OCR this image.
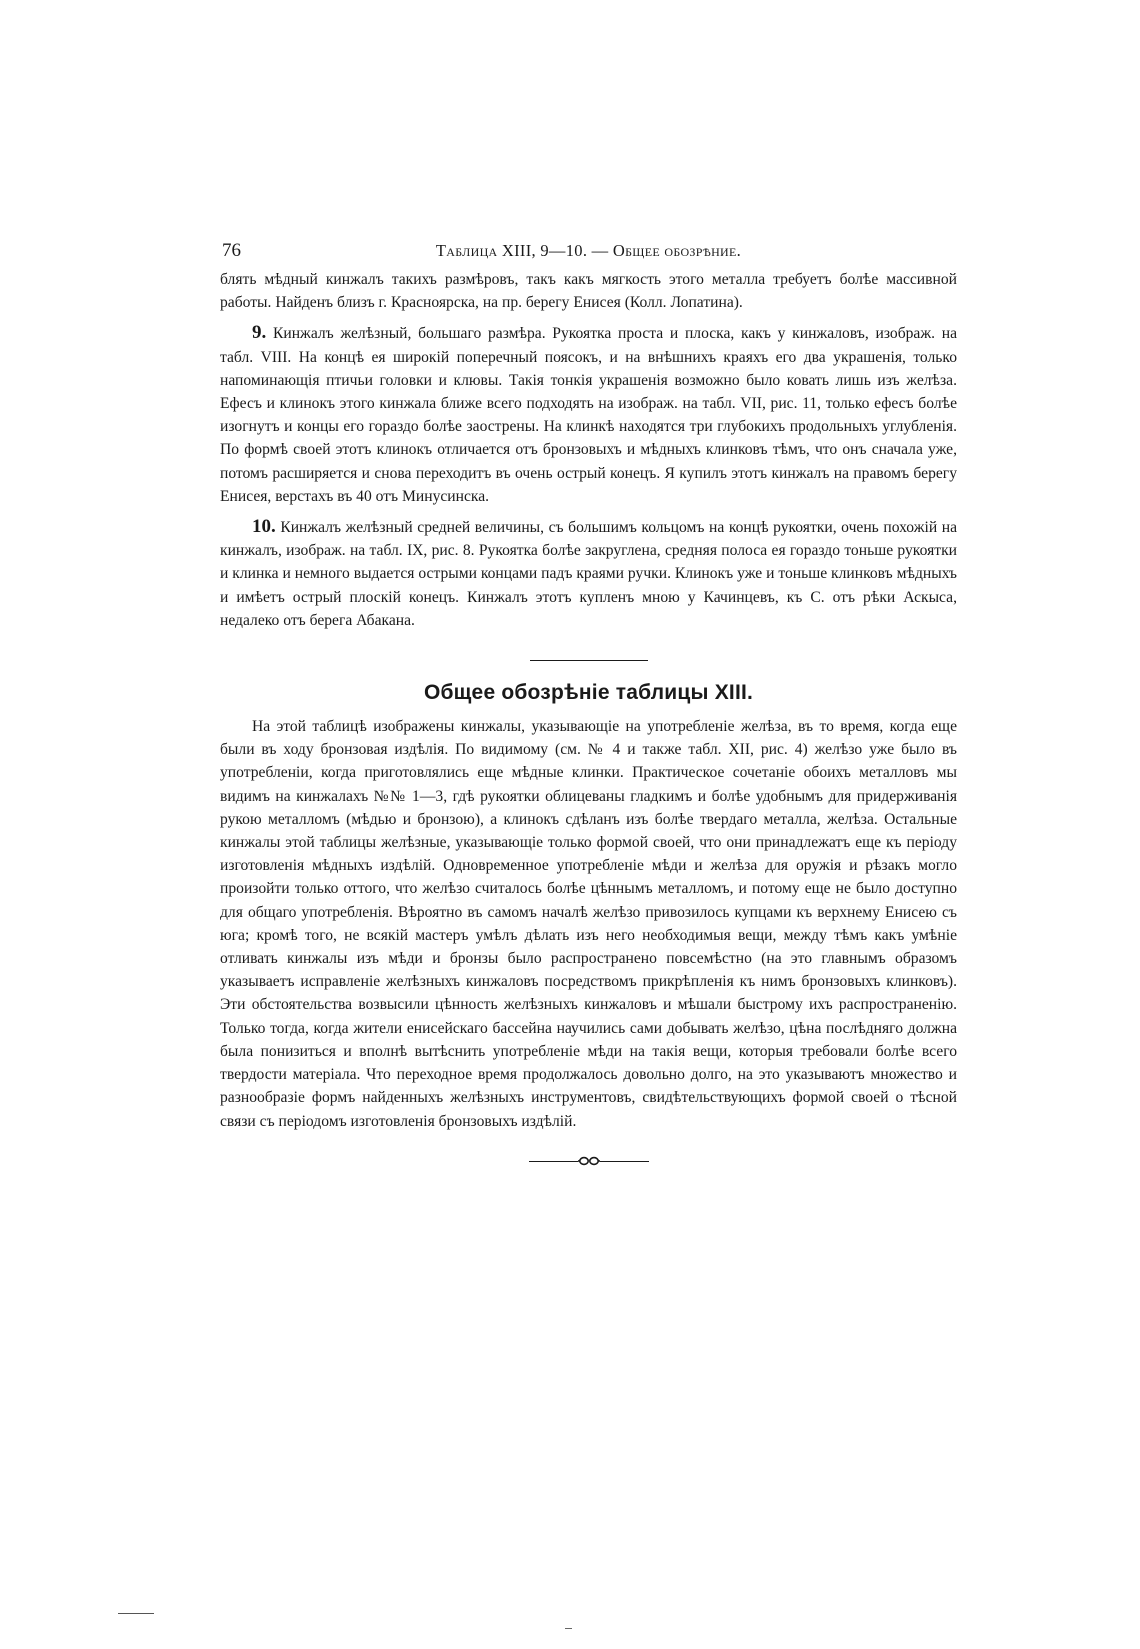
76	Таблица XIII, 9—10. — Общее обозрѣние.

блять мѣдный кинжалъ такихъ размѣровъ, такъ какъ мягкость этого металла требуетъ болѣе массивной работы. Найденъ близъ г. Красноярска, на пр. берегу Енисея (Колл. Лопатина).

9. Кинжалъ желѣзный, большаго размѣра. Рукоятка проста и плоска, какъ у кинжаловъ, изображ. на табл. VIII. На концѣ ея широкій поперечный поясокъ, и на внѣшнихъ краяхъ его два украшенія, только напоминающія птичьи головки и клювы. Такія тонкія украшенія возможно было ковать лишь изъ желѣза. Ефесъ и клинокъ этого кинжала ближе всего подходять на изображ. на табл. VII, рис. 11, только ефесъ болѣе изогнутъ и концы его гораздо болѣе заострены. На клинкѣ находятся три глубокихъ продольныхъ углубленія. По формѣ своей этотъ клинокъ отличается отъ бронзовыхъ и мѣдныхъ клинковъ тѣмъ, что онъ сначала уже, потомъ расширяется и снова переходитъ въ очень острый конецъ. Я купилъ этотъ кинжалъ на правомъ берегу Енисея, верстахъ въ 40 отъ Минусинска.

10. Кинжалъ желѣзный средней величины, съ большимъ кольцомъ на концѣ рукоятки, очень похожій на кинжалъ, изображ. на табл. IX, рис. 8. Рукоятка болѣе закруглена, средняя полоса ея гораздо тоньше рукоятки и клинка и немного выдается острыми концами падъ краями ручки. Клинокъ уже и тоньше клинковъ мѣдныхъ и имѣетъ острый плоскій конецъ. Кинжалъ этотъ купленъ мною у Качинцевъ, къ С. отъ рѣки Аскыса, недалеко отъ берега Абакана.

Общее обозрѣніе таблицы XIII.

На этой таблицѣ изображены кинжалы, указывающіе на употребленіе желѣза, въ то время, когда еще были въ ходу бронзовая издѣлія. По видимому (см. № 4 и также табл. XII, рис. 4) желѣзо уже было въ употребленіи, когда приготовлялись еще мѣдные клинки. Практическое сочетаніе обоихъ металловъ мы видимъ на кинжалахъ №№ 1—3, гдѣ рукоятки облицеваны гладкимъ и болѣе удобнымъ для придерживанія рукою металломъ (мѣдью и бронзою), а клинокъ сдѣланъ изъ болѣе твердаго металла, желѣза. Остальные кинжалы этой таблицы желѣзные, указывающіе только формой своей, что они принадлежатъ еще къ періоду изготовленія мѣдныхъ издѣлій. Одновременное употребленіе мѣди и желѣза для оружія и рѣзакъ могло произойти только оттого, что желѣзо считалось болѣе цѣннымъ металломъ, и потому еще не было доступно для общаго употребленія. Вѣроятно въ самомъ началѣ желѣзо привозилось купцами къ верхнему Енисею съ юга; кромѣ того, не всякій мастеръ умѣлъ дѣлать изъ него необходимыя вещи, между тѣмъ какъ умѣніе отливать кинжалы изъ мѣди и бронзы было распространено повсемѣстно (на это главнымъ образомъ указываетъ исправленіе желѣзныхъ кинжаловъ посредствомъ прикрѣпленія къ нимъ бронзовыхъ клинковъ). Эти обстоятельства возвысили цѣнность желѣзныхъ кинжаловъ и мѣшали быстрому ихъ распространенію. Только тогда, когда жители енисейскаго бассейна научились сами добывать желѣзо, цѣна послѣдняго должна была понизиться и вполнѣ вытѣснить употребленіе мѣди на такія вещи, которыя требовали болѣе всего твердости матеріала. Что переходное время продолжалось довольно долго, на это указываютъ множество и разнообразіе формъ найденныхъ желѣзныхъ инструментовъ, свидѣтельствующихъ формой своей о тѣсной связи съ періодомъ изготовленія бронзовыхъ издѣлій.
